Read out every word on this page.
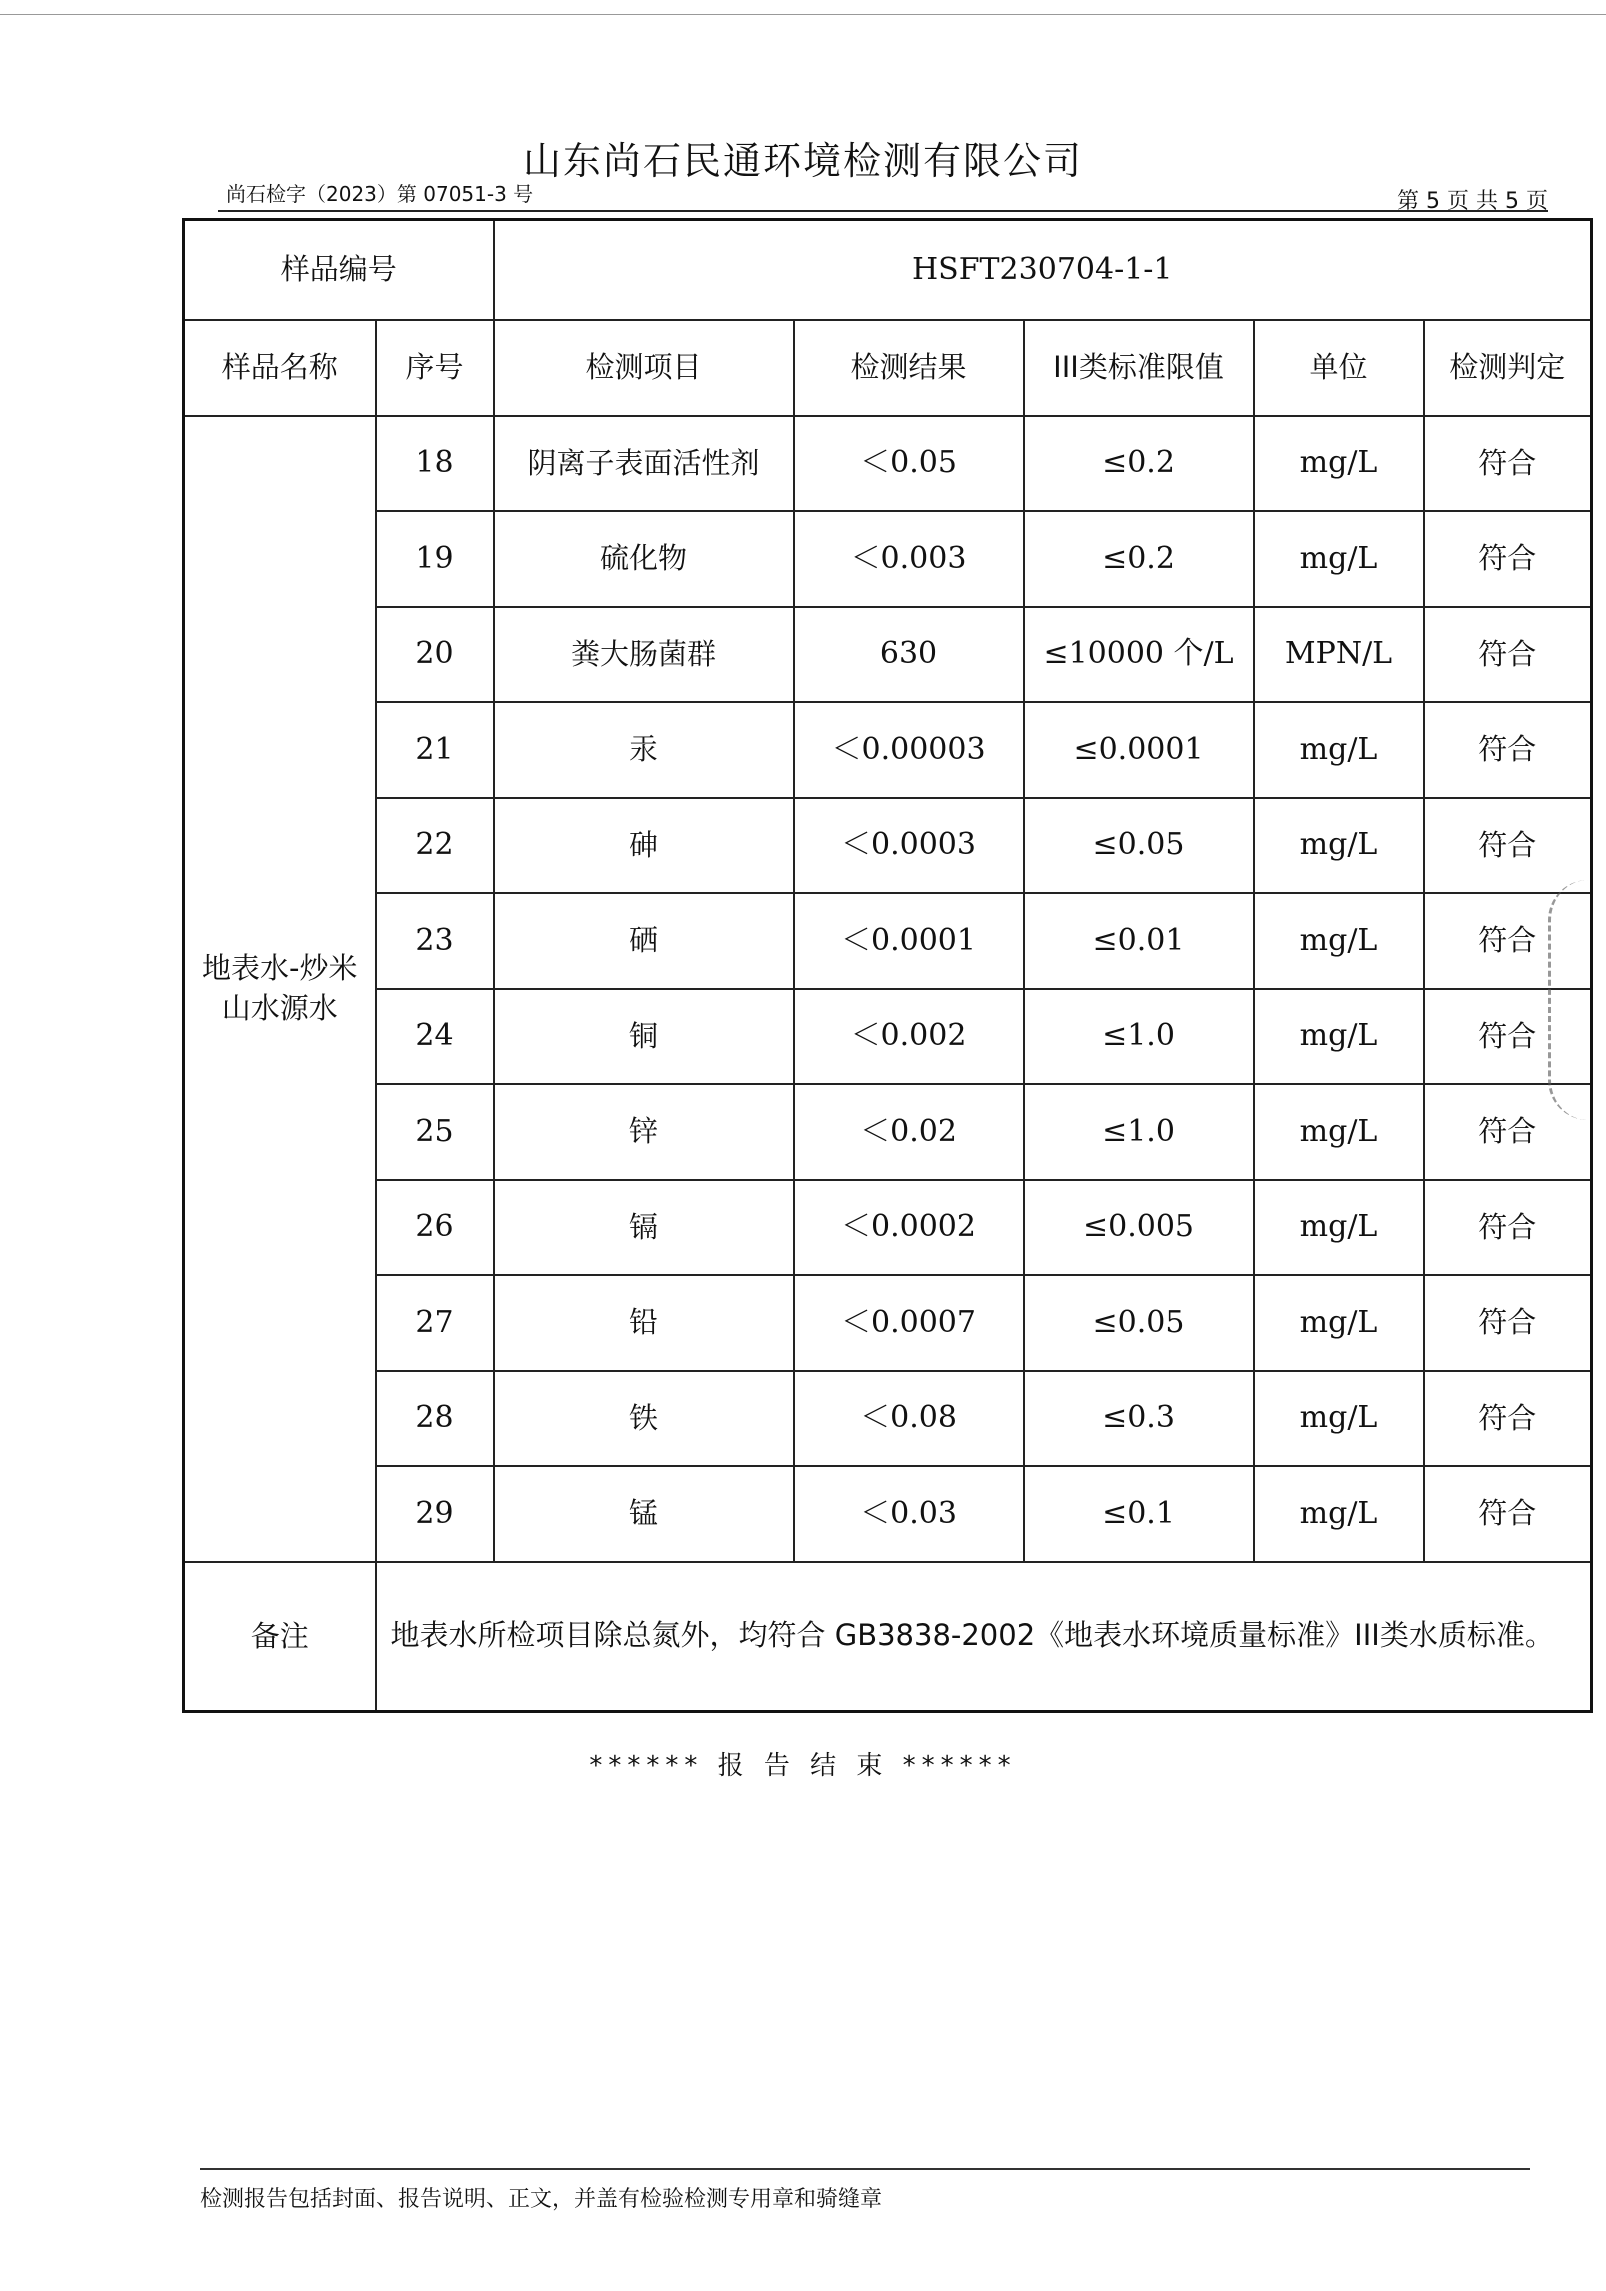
山东尚石民通环境检测有限公司
尚石检字（2023）第 07051-3 号	第 5 页 共 5 页
样品编号		HSFT230704-1-1				
样品名称	序号	检测项目	检测结果	III类标准限值	单位	检测判定
地表水-炒米山水源水	18	阴离子表面活性剂	＜0.05	≤0.2	mg/L	符合
	19	硫化物	＜0.003	≤0.2	mg/L	符合
	20	粪大肠菌群	630	≤10000 个/L	MPN/L	符合
	21	汞	＜0.00003	≤0.0001	mg/L	符合
	22	砷	＜0.0003	≤0.05	mg/L	符合
	23	硒	＜0.0001	≤0.01	mg/L	符合
	24	铜	＜0.002	≤1.0	mg/L	符合
	25	锌	＜0.02	≤1.0	mg/L	符合
	26	镉	＜0.0002	≤0.005	mg/L	符合
	27	铅	＜0.0007	≤0.05	mg/L	符合
	28	铁	＜0.08	≤0.3	mg/L	符合
	29	锰	＜0.03	≤0.1	mg/L	符合
备注	地表水所检项目除总氮外，均符合 GB3838-2002《地表水环境质量标准》III类水质标准。					
****** 报 告 结 束 ******
检测报告包括封面、报告说明、正文，并盖有检验检测专用章和骑缝章
